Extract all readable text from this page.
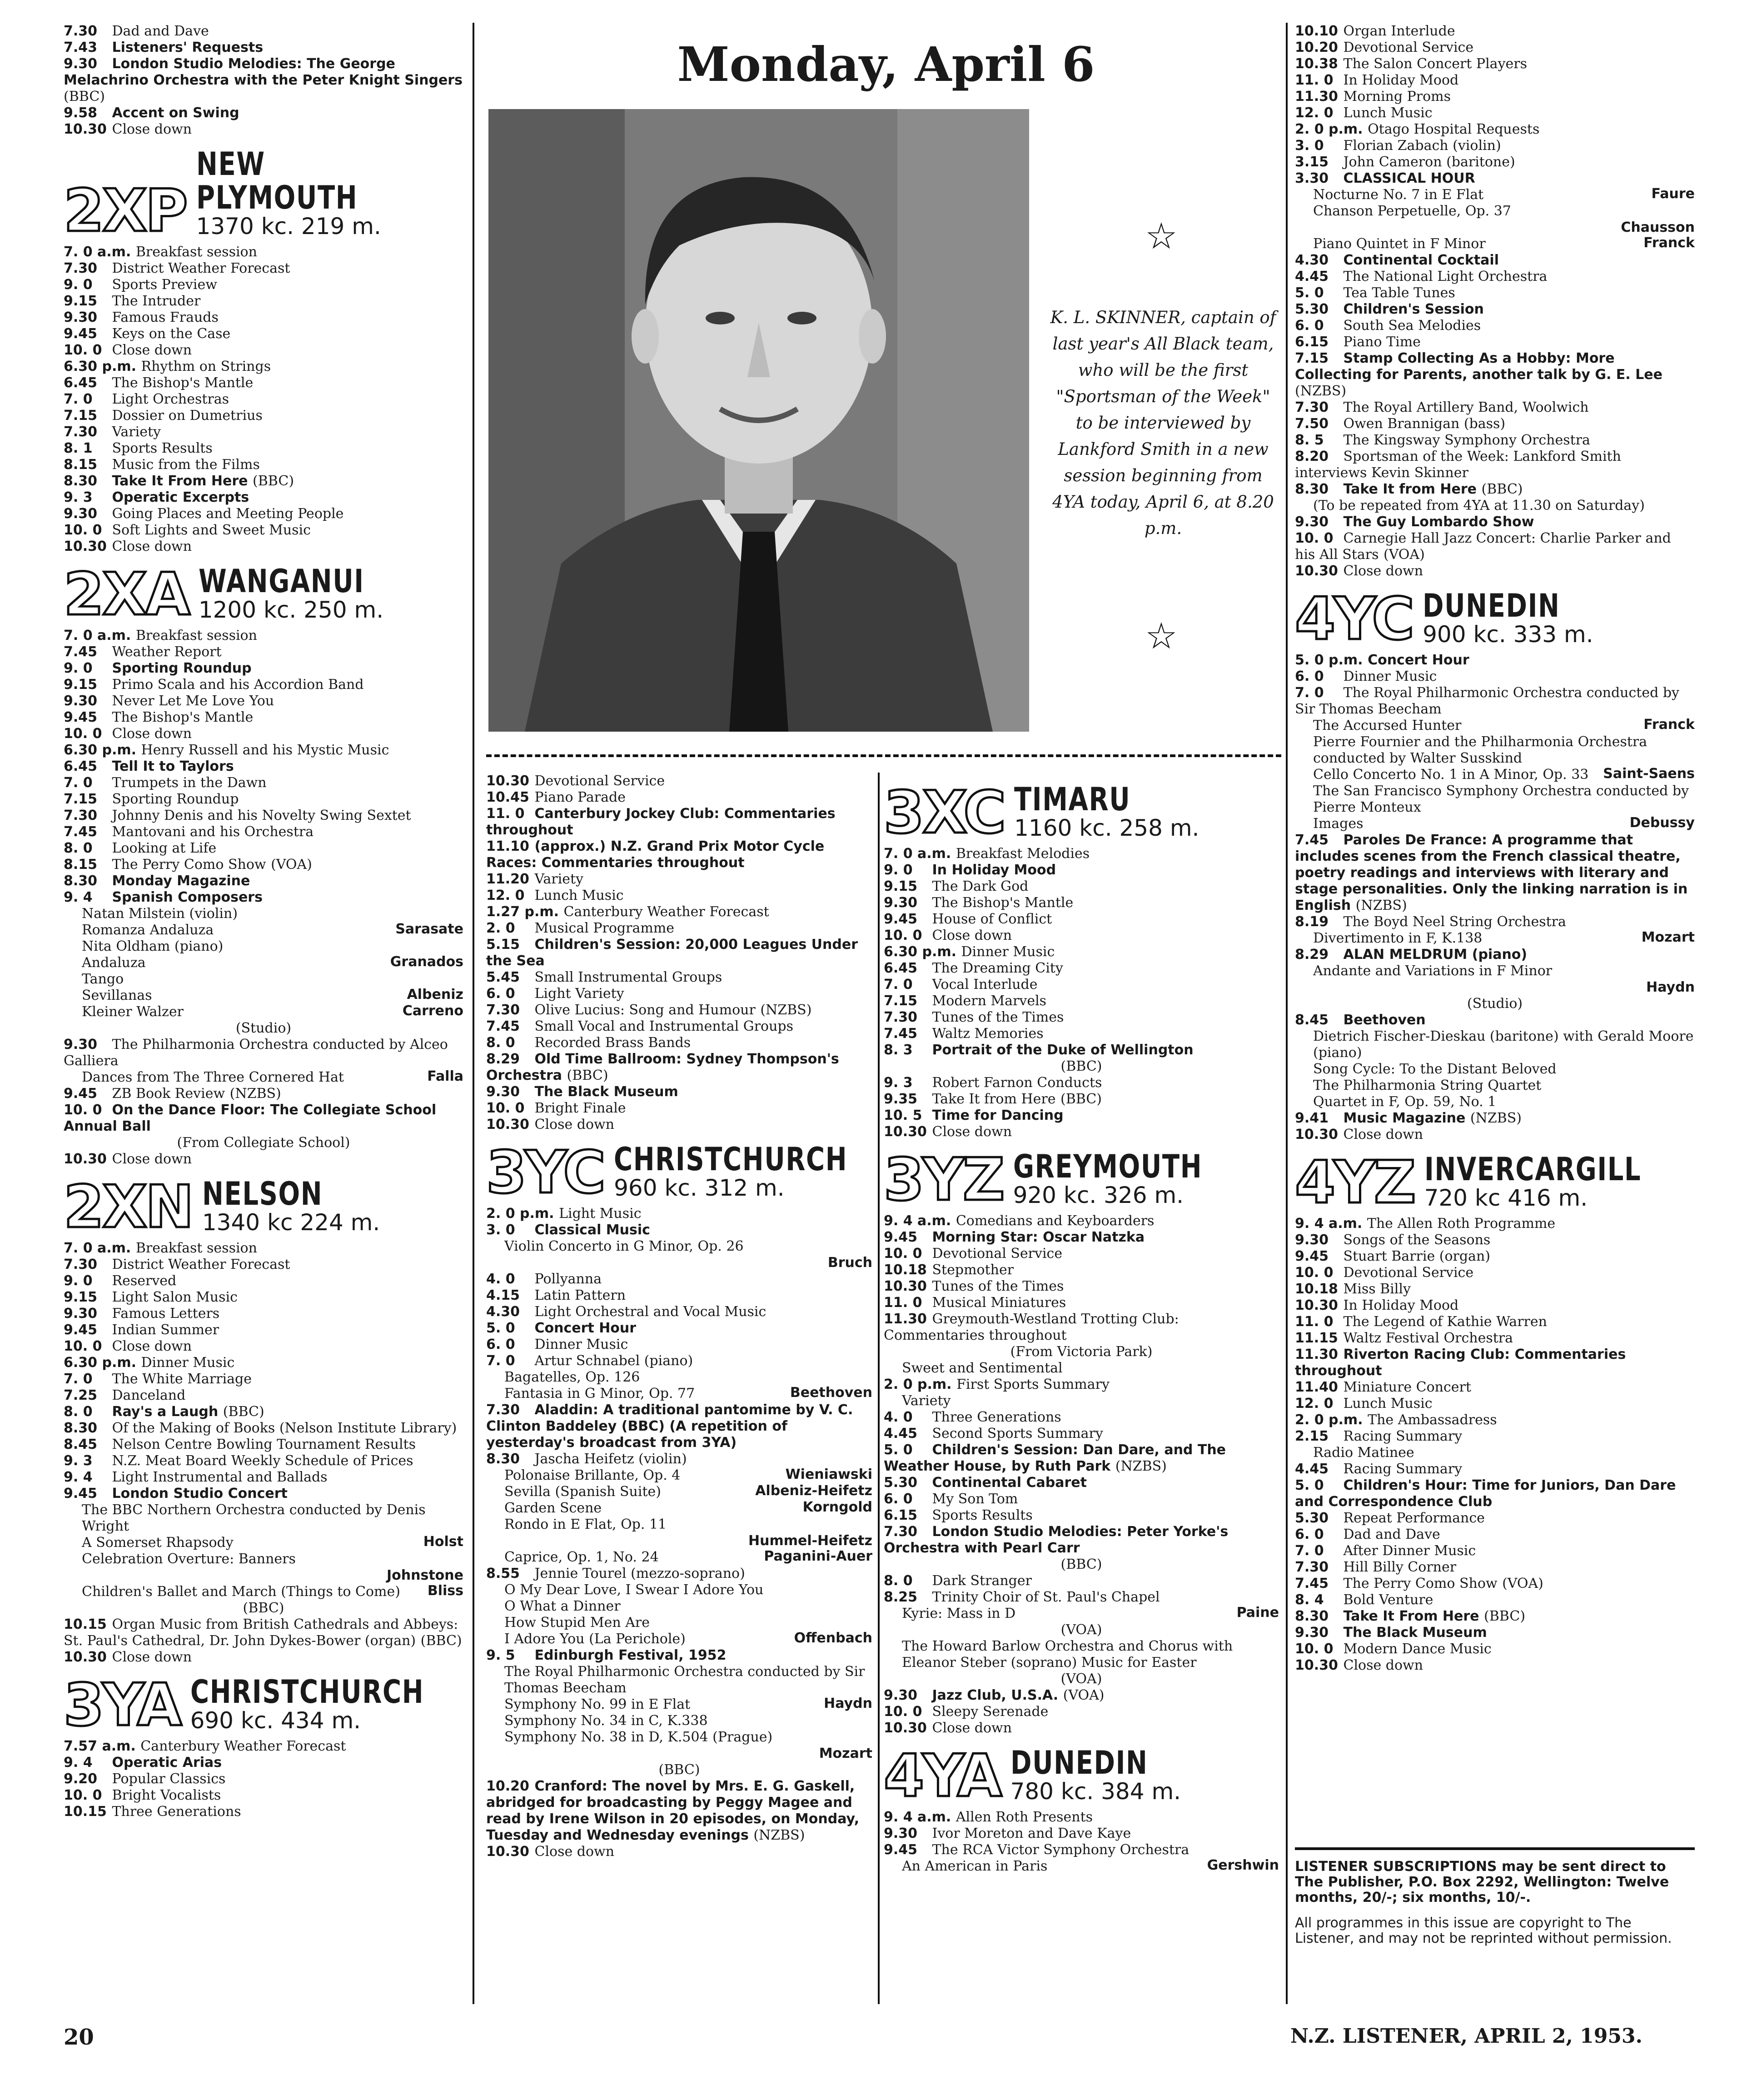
Monday, April 6
K. L. SKINNER, captain of last year's All Black team, who will be the first "Sportsman of the Week" to be interviewed by Lankford Smith in a new session beginning from 4YA today, April 6, at 8.20 p.m.
☆
☆

7.30 Dad and Dave

7.43 Listeners' Requests

9.30 London Studio Melodies: The George Melachrino Orchestra with the Peter Knight Singers (BBC)

9.58 Accent on Swing

10.30 Close down

2XP
NEW PLYMOUTH
1370 kc. 219 m.

7. 0 a.m. Breakfast session

7.30 District Weather Forecast

9. 0 Sports Preview

9.15 The Intruder

9.30 Famous Frauds

9.45 Keys on the Case

10. 0 Close down

6.30 p.m. Rhythm on Strings

6.45 The Bishop's Mantle

7. 0 Light Orchestras

7.15 Dossier on Dumetrius

7.30 Variety

8. 1 Sports Results

8.15 Music from the Films

8.30 Take It From Here (BBC)

9. 3 Operatic Excerpts

9.30 Going Places and Meeting People

10. 0 Soft Lights and Sweet Music

10.30 Close down

2XA WANGANUI
1200 kc. 250 m.

7. 0 a.m. Breakfast session

7.45 Weather Report

9. 0 Sporting Roundup

9.15 Primo Scala and his Accordion Band

9.30 Never Let Me Love You

9.45 The Bishop's Mantle

10. 0 Close down

6.30 p.m. Henry Russell and his Mystic Music

6.45 Tell It to Taylors

7. 0 Trumpets in the Dawn

7.15 Sporting Roundup

7.30 Johnny Denis and his Novelty Swing Sextet

7.45 Mantovani and his Orchestra

8. 0 Looking at Life

8.15 The Perry Como Show (VOA)

8.30 Monday Magazine

9. 4 Spanish Composers

Natan Milstein (violin)

Sarasate
Romanza Andaluza

Nita Oldham (piano)

Granados
Andaluza

Tango

Albeniz
Sevillanas

Carreno
Kleiner Walzer

(Studio)

9.30 The Philharmonia Orchestra conducted by Alceo Galliera

Falla
Dances from The Three Cornered Hat

9.45 ZB Book Review (NZBS)

10. 0 On the Dance Floor: The Collegiate School Annual Ball

(From Collegiate School)

10.30 Close down

2XN NELSON
1340 kc 224 m.

7. 0 a.m. Breakfast session

7.30 District Weather Forecast

9. 0 Reserved

9.15 Light Salon Music

9.30 Famous Letters

9.45 Indian Summer

10. 0 Close down

6.30 p.m. Dinner Music

7. 0 The White Marriage

7.25 Danceland

8. 0 Ray's a Laugh (BBC)

8.30 Of the Making of Books (Nelson Institute Library)

8.45 Nelson Centre Bowling Tournament Results

9. 3 N.Z. Meat Board Weekly Schedule of Prices

9. 4 Light Instrumental and Ballads

9.45 London Studio Concert

The BBC Northern Orchestra conducted by Denis Wright

Holst
A Somerset Rhapsody

Celebration Overture: Banners

Johnstone

Bliss
Children's Ballet and March (Things to Come)

(BBC)

10.15 Organ Music from British Cathedrals and Abbeys: St. Paul's Cathedral, Dr. John Dykes-Bower (organ) (BBC)

10.30 Close down

3YA CHRISTCHURCH
690 kc. 434 m.

7.57 a.m. Canterbury Weather Forecast

9. 4 Operatic Arias

9.20 Popular Classics

10. 0 Bright Vocalists

10.15 Three Generations

10.30 Devotional Service

10.45 Piano Parade

11. 0 Canterbury Jockey Club: Commentaries throughout

11.10 (approx.) N.Z. Grand Prix Motor Cycle Races: Commentaries throughout

11.20 Variety

12. 0 Lunch Music

1.27 p.m. Canterbury Weather Forecast

2. 0 Musical Programme

5.15 Children's Session: 20,000 Leagues Under the Sea

5.45 Small Instrumental Groups

6. 0 Light Variety

7.30 Olive Lucius: Song and Humour (NZBS)

7.45 Small Vocal and Instrumental Groups

8. 0 Recorded Brass Bands

8.29 Old Time Ballroom: Sydney Thompson's Orchestra (BBC)

9.30 The Black Museum

10. 0 Bright Finale

10.30 Close down

3YC CHRISTCHURCH
960 kc. 312 m.

2. 0 p.m. Light Music

3. 0 Classical Music

Violin Concerto in G Minor, Op. 26

Bruch

4. 0 Pollyanna

4.15 Latin Pattern

4.30 Light Orchestral and Vocal Music

5. 0 Concert Hour

6. 0 Dinner Music

7. 0 Artur Schnabel (piano)

Bagatelles, Op. 126

Beethoven
Fantasia in G Minor, Op. 77

7.30 Aladdin: A traditional pantomime by V. C. Clinton Baddeley (BBC) (A repetition of yesterday's broadcast from 3YA)

8.30 Jascha Heifetz (violin)

Wieniawski
Polonaise Brillante, Op. 4

Albeniz-Heifetz
Sevilla (Spanish Suite)

Korngold
Garden Scene

Rondo in E Flat, Op. 11

Hummel-Heifetz

Paganini-Auer
Caprice, Op. 1, No. 24

8.55 Jennie Tourel (mezzo-soprano)

O My Dear Love, I Swear I Adore You

O What a Dinner

How Stupid Men Are

Offenbach
I Adore You (La Perichole)

9. 5 Edinburgh Festival, 1952

The Royal Philharmonic Orchestra conducted by Sir Thomas Beecham

Haydn
Symphony No. 99 in E Flat

Symphony No. 34 in C, K.338

Symphony No. 38 in D, K.504 (Prague)

Mozart

(BBC)

10.20 Cranford: The novel by Mrs. E. G. Gaskell, abridged for broadcasting by Peggy Magee and read by Irene Wilson in 20 episodes, on Monday, Tuesday and Wednesday evenings (NZBS)

10.30 Close down

3XC TIMARU
1160 kc. 258 m.

7. 0 a.m. Breakfast Melodies

9. 0 In Holiday Mood

9.15 The Dark God

9.30 The Bishop's Mantle

9.45 House of Conflict

10. 0 Close down

6.30 p.m. Dinner Music

6.45 The Dreaming City

7. 0 Vocal Interlude

7.15 Modern Marvels

7.30 Tunes of the Times

7.45 Waltz Memories

8. 3 Portrait of the Duke of Wellington

(BBC)

9. 3 Robert Farnon Conducts

9.35 Take It from Here (BBC)

10. 5 Time for Dancing

10.30 Close down

3YZ GREYMOUTH
920 kc. 326 m.

9. 4 a.m. Comedians and Keyboarders

9.45 Morning Star: Oscar Natzka

10. 0 Devotional Service

10.18 Stepmother

10.30 Tunes of the Times

11. 0 Musical Miniatures

11.30 Greymouth-Westland Trotting Club: Commentaries throughout

(From Victoria Park)

Sweet and Sentimental

2. 0 p.m. First Sports Summary

Variety

4. 0 Three Generations

4.45 Second Sports Summary

5. 0 Children's Session: Dan Dare, and The Weather House, by Ruth Park (NZBS)

5.30 Continental Cabaret

6. 0 My Son Tom

6.15 Sports Results

7.30 London Studio Melodies: Peter Yorke's Orchestra with Pearl Carr

(BBC)

8. 0 Dark Stranger

8.25 Trinity Choir of St. Paul's Chapel

Paine
Kyrie: Mass in D

(VOA)

The Howard Barlow Orchestra and Chorus with Eleanor Steber (soprano) Music for Easter

(VOA)

9.30 Jazz Club, U.S.A. (VOA)

10. 0 Sleepy Serenade

10.30 Close down

4YA DUNEDIN
780 kc. 384 m.

9. 4 a.m. Allen Roth Presents

9.30 Ivor Moreton and Dave Kaye

9.45 The RCA Victor Symphony Orchestra

Gershwin
An American in Paris

10.10 Organ Interlude

10.20 Devotional Service

10.38 The Salon Concert Players

11. 0 In Holiday Mood

11.30 Morning Proms

12. 0 Lunch Music

2. 0 p.m. Otago Hospital Requests

3. 0 Florian Zabach (violin)

3.15 John Cameron (baritone)

3.30 CLASSICAL HOUR

Faure
Nocturne No. 7 in E Flat

Chanson Perpetuelle, Op. 37

Chausson

Franck
Piano Quintet in F Minor

4.30 Continental Cocktail

4.45 The National Light Orchestra

5. 0 Tea Table Tunes

5.30 Children's Session

6. 0 South Sea Melodies

6.15 Piano Time

7.15 Stamp Collecting As a Hobby: More Collecting for Parents, another talk by G. E. Lee (NZBS)

7.30 The Royal Artillery Band, Woolwich

7.50 Owen Brannigan (bass)

8. 5 The Kingsway Symphony Orchestra

8.20 Sportsman of the Week: Lankford Smith interviews Kevin Skinner

8.30 Take It from Here (BBC)

(To be repeated from 4YA at 11.30 on Saturday)

9.30 The Guy Lombardo Show

10. 0 Carnegie Hall Jazz Concert: Charlie Parker and his All Stars (VOA)

10.30 Close down

4YC DUNEDIN
900 kc. 333 m.

5. 0 p.m. Concert Hour

6. 0 Dinner Music

7. 0 The Royal Philharmonic Orchestra conducted by Sir Thomas Beecham

Franck
The Accursed Hunter

Pierre Fournier and the Philharmonia Orchestra conducted by Walter Susskind

Saint-Saens
Cello Concerto No. 1 in A Minor, Op. 33

The San Francisco Symphony Orchestra conducted by Pierre Monteux

Debussy
Images

7.45 Paroles De France: A programme that includes scenes from the French classical theatre, poetry readings and interviews with literary and stage personalities. Only the linking narration is in English (NZBS)

8.19 The Boyd Neel String Orchestra

Mozart
Divertimento in F, K.138

8.29 ALAN MELDRUM (piano)

Andante and Variations in F Minor

Haydn

(Studio)

8.45 Beethoven

Dietrich Fischer-Dieskau (baritone) with Gerald Moore (piano)

Song Cycle: To the Distant Beloved

The Philharmonia String Quartet

Quartet in F, Op. 59, No. 1

9.41 Music Magazine (NZBS)

10.30 Close down

4YZ INVERCARGILL
720 kc 416 m.

9. 4 a.m. The Allen Roth Programme

9.30 Songs of the Seasons

9.45 Stuart Barrie (organ)

10. 0 Devotional Service

10.18 Miss Billy

10.30 In Holiday Mood

11. 0 The Legend of Kathie Warren

11.15 Waltz Festival Orchestra

11.30 Riverton Racing Club: Commentaries throughout

11.40 Miniature Concert

12. 0 Lunch Music

2. 0 p.m. The Ambassadress

2.15 Racing Summary

Radio Matinee

4.45 Racing Summary

5. 0 Children's Hour: Time for Juniors, Dan Dare and Correspondence Club

5.30 Repeat Performance

6. 0 Dad and Dave

7. 0 After Dinner Music

7.30 Hill Billy Corner

7.45 The Perry Como Show (VOA)

8. 4 Bold Venture

8.30 Take It From Here (BBC)

9.30 The Black Museum

10. 0 Modern Dance Music

10.30 Close down

LISTENER SUBSCRIPTIONS may be sent direct to The Publisher, P.O. Box 2292, Wellington: Twelve months, 20/-; six months, 10/-.
All programmes in this issue are copyright to The Listener, and may not be reprinted without permission.
20	N.Z. LISTENER, APRIL 2, 1953.
